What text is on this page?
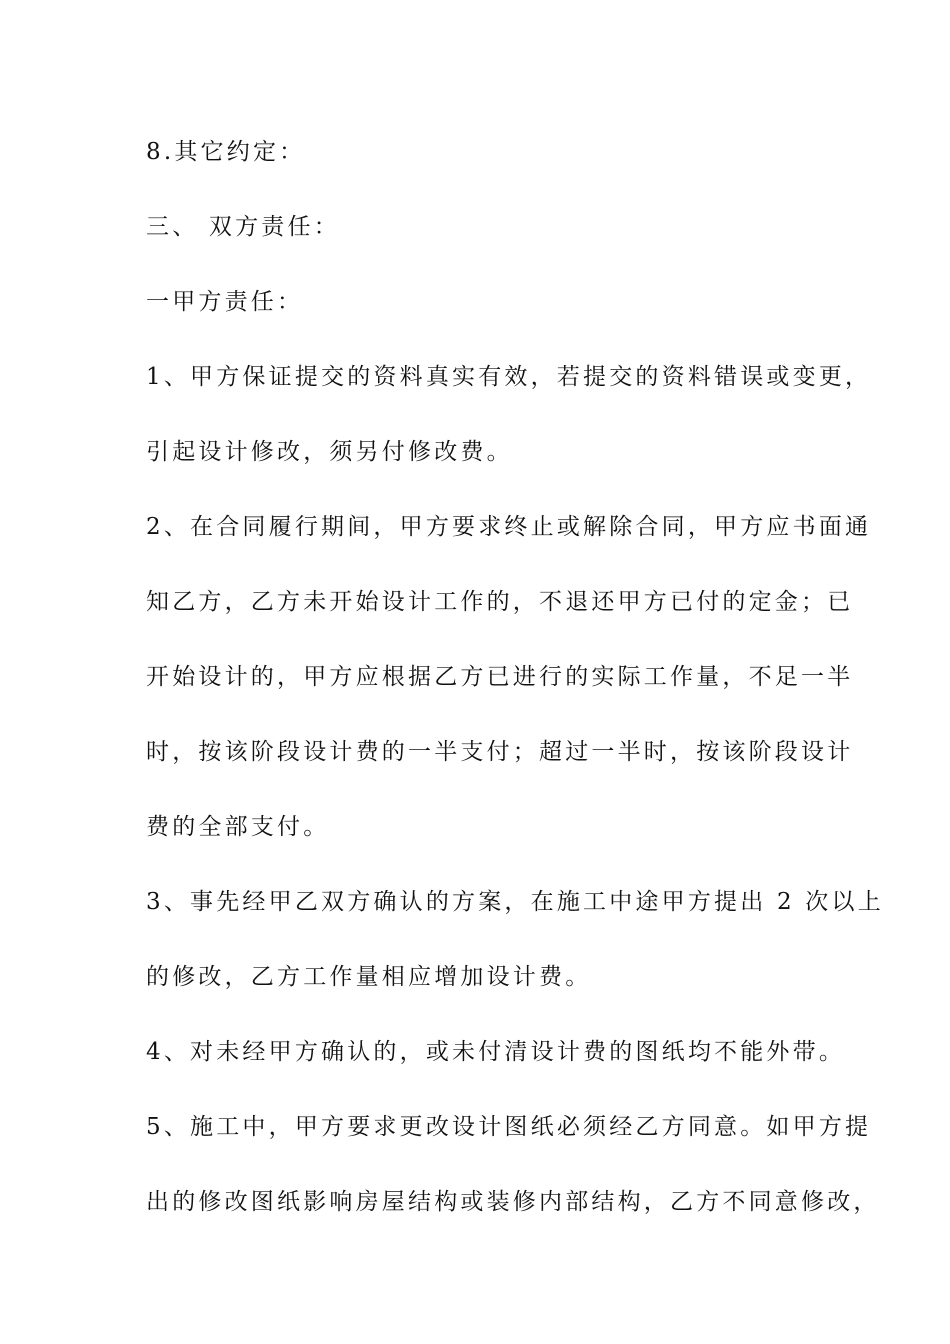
8.其它约定：
三、 双方责任：
一甲方责任：
1、甲方保证提交的资料真实有效，若提交的资料错误或变更，
引起设计修改，须另付修改费。
2、在合同履行期间，甲方要求终止或解除合同，甲方应书面通
知乙方，乙方未开始设计工作的，不退还甲方已付的定金；已
开始设计的，甲方应根据乙方已进行的实际工作量，不足一半
时，按该阶段设计费的一半支付；超过一半时，按该阶段设计
费的全部支付。
3、事先经甲乙双方确认的方案，在施工中途甲方提出 2 次以上
的修改，乙方工作量相应增加设计费。
4、对未经甲方确认的，或未付清设计费的图纸均不能外带。
5、施工中，甲方要求更改设计图纸必须经乙方同意。如甲方提
出的修改图纸影响房屋结构或装修内部结构，乙方不同意修改，
